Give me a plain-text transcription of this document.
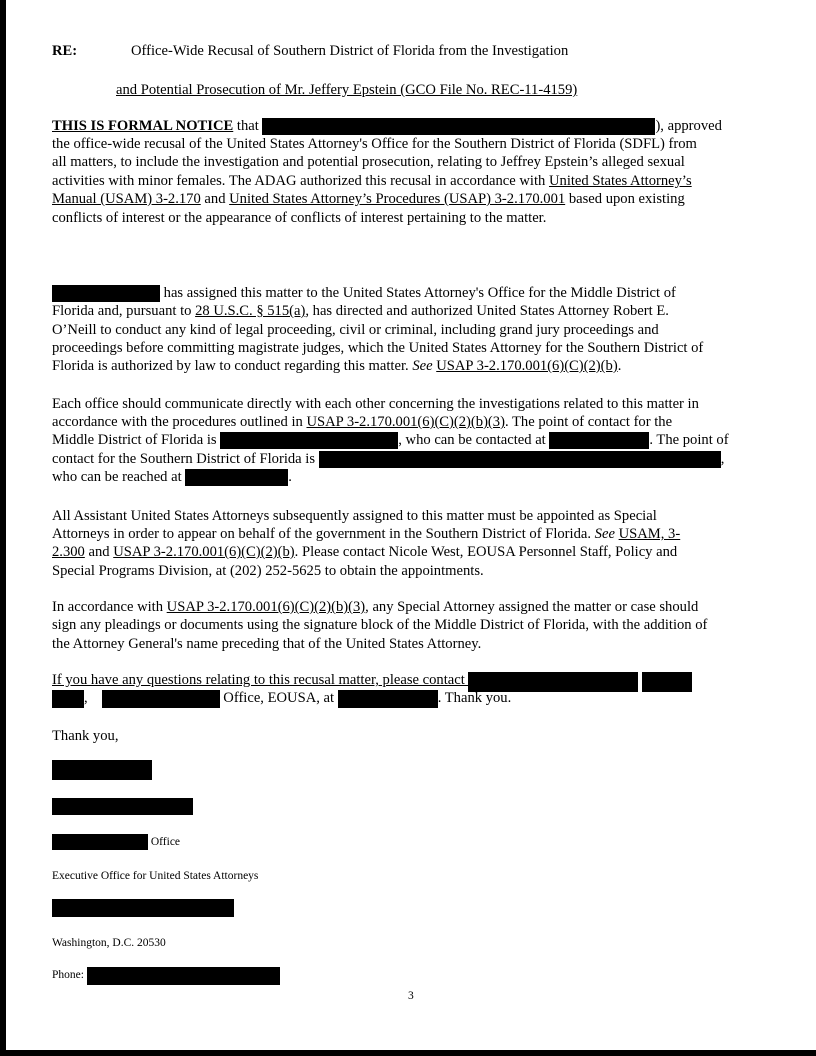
RE:	Office-Wide Recusal of Southern District of Florida from the Investigation
and Potential Prosecution of Mr. Jeffery Epstein (GCO File No. REC-11-4159)
THIS IS FORMAL NOTICE that	), approved
the office-wide recusal of the United States Attorney's Office for the Southern District of Florida (SDFL) from
all matters, to include the investigation and potential prosecution, relating to Jeffrey Epstein’s alleged sexual
activities with minor females. The ADAG authorized this recusal in accordance with United States Attorney’s
Manual (USAM) 3-2.170 and United States Attorney’s Procedures (USAP) 3-2.170.001 based upon existing
conflicts of interest or the appearance of conflicts of interest pertaining to the matter.
has assigned this matter to the United States Attorney's Office for the Middle District of
Florida and, pursuant to 28 U.S.C. § 515(a), has directed and authorized United States Attorney Robert E.
O’Neill to conduct any kind of legal proceeding, civil or criminal, including grand jury proceedings and
proceedings before committing magistrate judges, which the United States Attorney for the Southern District of
Florida is authorized by law to conduct regarding this matter. See USAP 3-2.170.001(6)(C)(2)(b).
Each office should communicate directly with each other concerning the investigations related to this matter in
accordance with the procedures outlined in USAP 3-2.170.001(6)(C)(2)(b)(3). The point of contact for the
Middle District of Florida is	, who can be contacted at	. The point of
contact for the Southern District of Florida is	,
who can be reached at	.
All Assistant United States Attorneys subsequently assigned to this matter must be appointed as Special
Attorneys in order to appear on behalf of the government in the Southern District of Florida. See USAM, 3-
2.300 and USAP 3-2.170.001(6)(C)(2)(b). Please contact Nicole West, EOUSA Personnel Staff, Policy and
Special Programs Division, at (202) 252-5625 to obtain the appointments.
In accordance with USAP 3-2.170.001(6)(C)(2)(b)(3), any Special Attorney assigned the matter or case should
sign any pleadings or documents using the signature block of the Middle District of Florida, with the addition of
the Attorney General's name preceding that of the United States Attorney.
If you have any questions relating to this recusal matter, please contact
,	Office, EOUSA, at	. Thank you.
Thank you,
Office
Executive Office for United States Attorneys
Washington, D.C. 20530
Phone:
3
